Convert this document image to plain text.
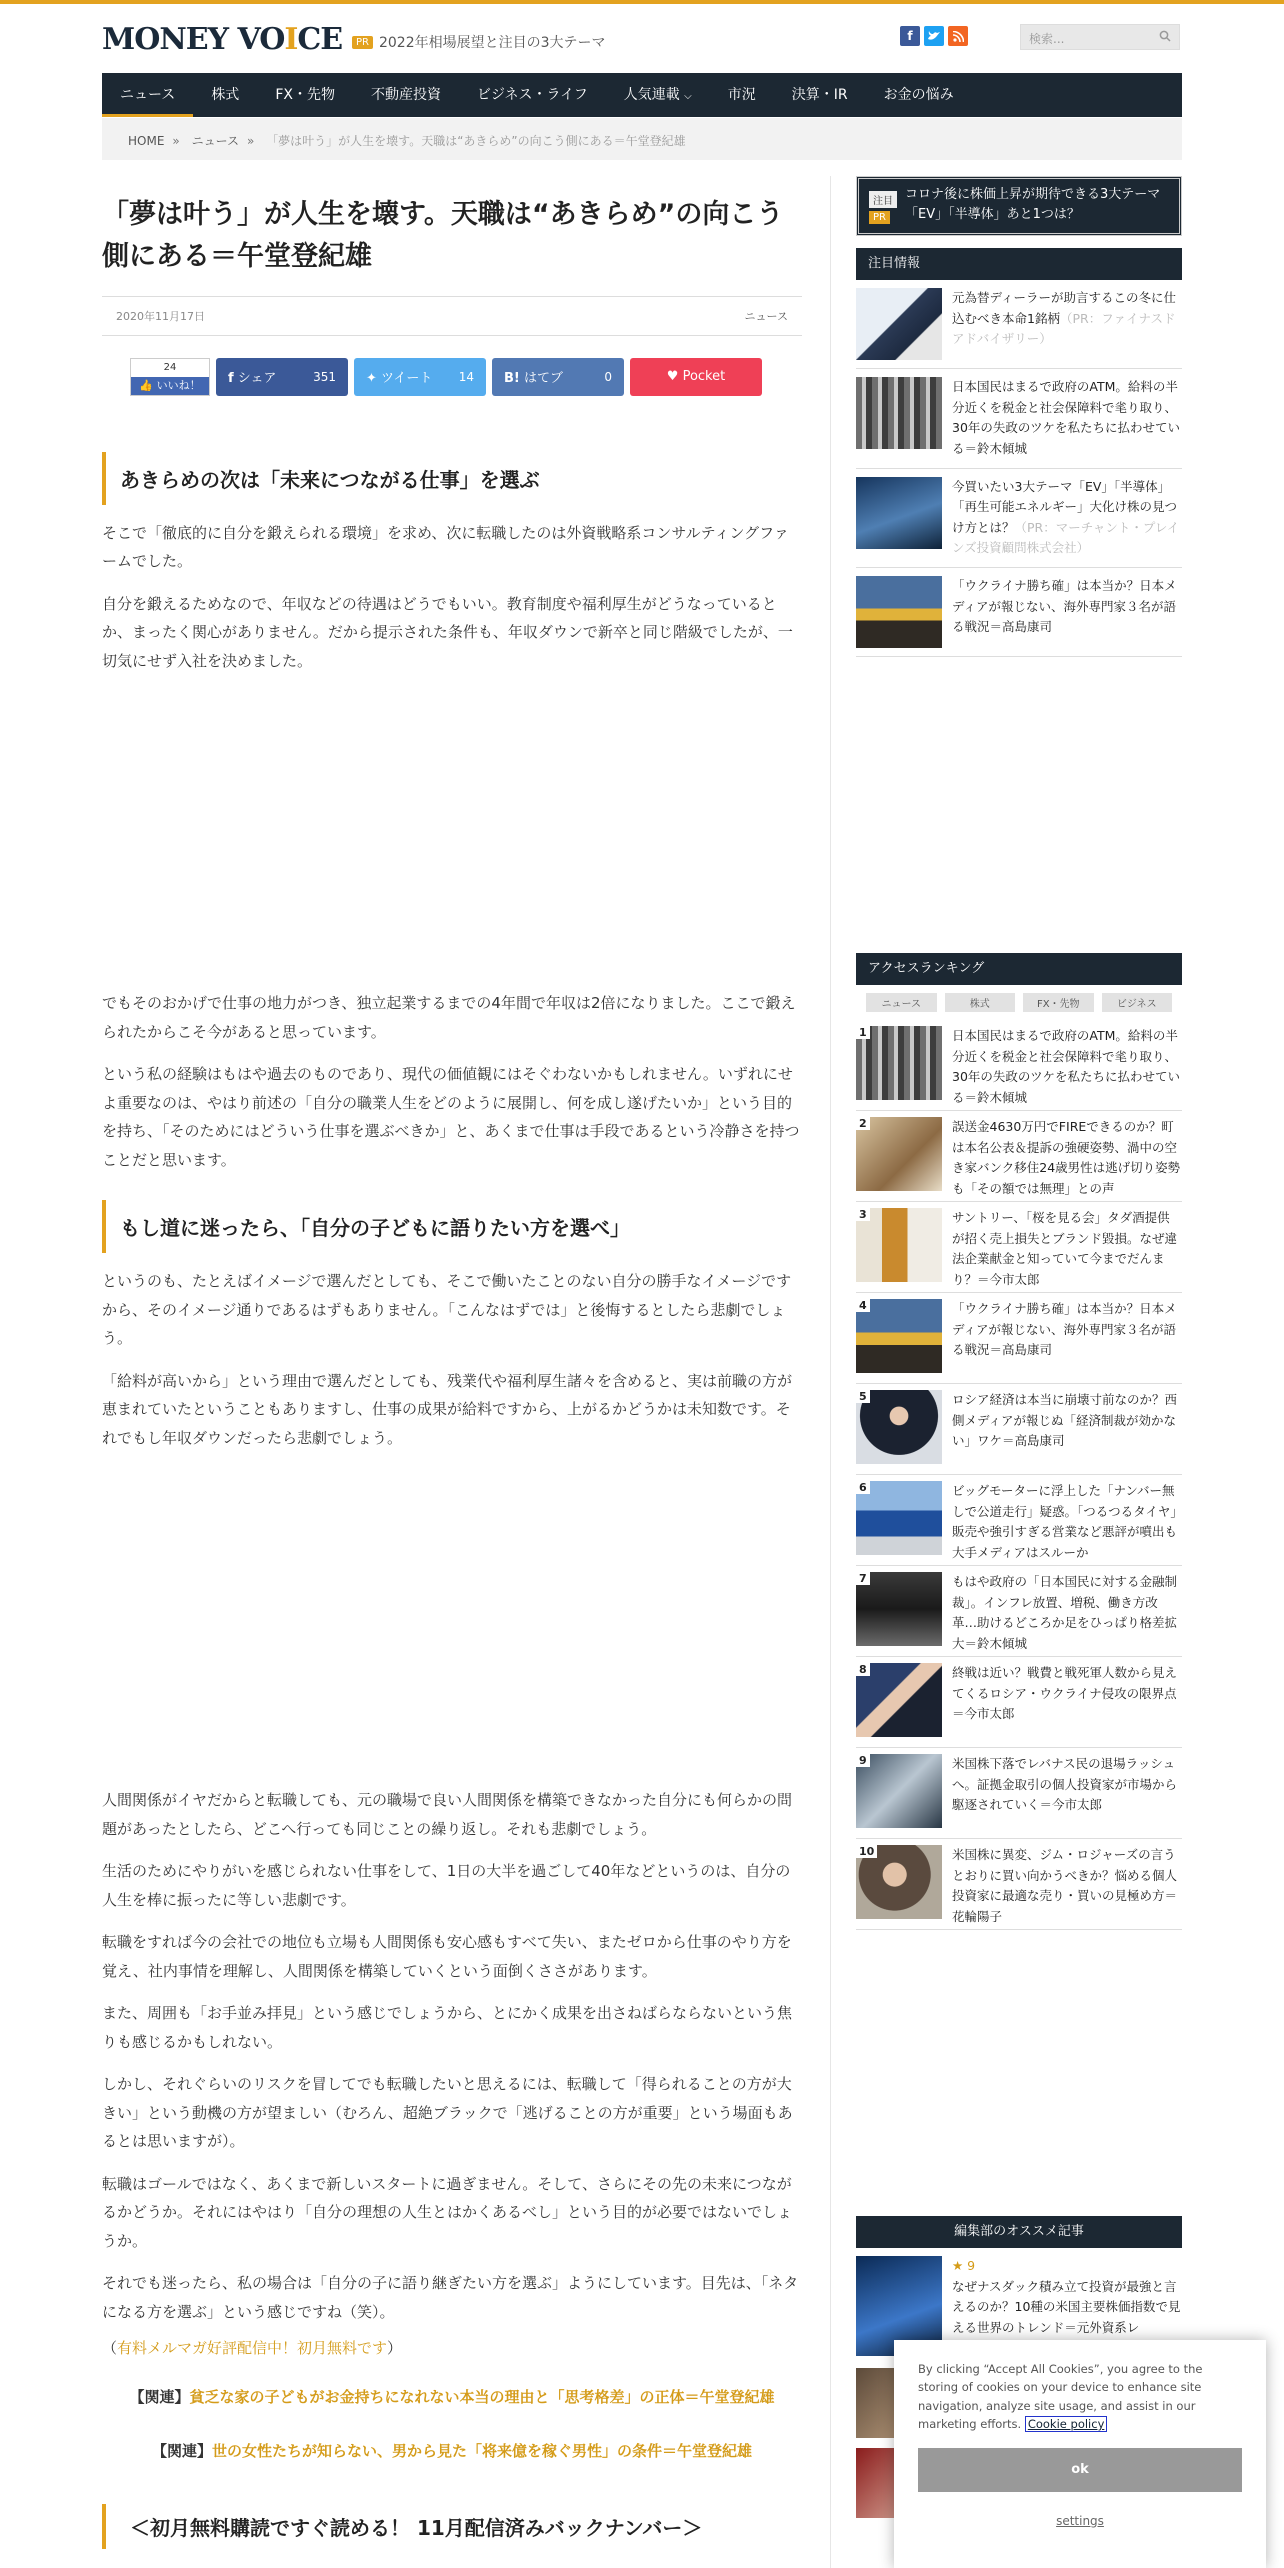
MONEY VOICE	PR 2022年相場展望と注目の3大テーマ	f	検索...
ニュース	株式	FX・先物	不動産投資	ビジネス・ライフ	人気連載 ⌵	市況	決算・IR	お金の悩み
HOME » ニュース » 「夢は叶う」が人生を壊す。天職は“あきらめ”の向こう側にある＝午堂登紀雄
「夢は叶う」が人生を壊す。天職は“あきらめ”の向こう側にある＝午堂登紀雄
2020年11月17日	ニュース
24
👍 いいね！	f シェア	351 ✦ ツイート	14 B! はてブ	0	♥ Pocket
あきらめの次は「未来につながる仕事」を選ぶ

そこで「徹底的に自分を鍛えられる環境」を求め、次に転職したのは外資戦略系コンサルティングファームでした。

自分を鍛えるためなので、年収などの待遇はどうでもいい。教育制度や福利厚生がどうなっているとか、まったく関心がありません。だから提示された条件も、年収ダウンで新卒と同じ階級でしたが、一切気にせず入社を決めました。

でもそのおかげで仕事の地力がつき、独立起業するまでの4年間で年収は2倍になりました。ここで鍛えられたからこそ今があると思っています。

という私の経験はもはや過去のものであり、現代の価値観にはそぐわないかもしれません。いずれにせよ重要なのは、やはり前述の「自分の職業人生をどのように展開し、何を成し遂げたいか」という目的を持ち、「そのためにはどういう仕事を選ぶべきか」と、あくまで仕事は手段であるという冷静さを持つことだと思います。

もし道に迷ったら、「自分の子どもに語りたい方を選べ」

というのも、たとえばイメージで選んだとしても、そこで働いたことのない自分の勝手なイメージですから、そのイメージ通りであるはずもありません。「こんなはずでは」と後悔するとしたら悲劇でしょう。

「給料が高いから」という理由で選んだとしても、残業代や福利厚生諸々を含めると、実は前職の方が恵まれていたということもありますし、仕事の成果が給料ですから、上がるかどうかは未知数です。それでもし年収ダウンだったら悲劇でしょう。

人間関係がイヤだからと転職しても、元の職場で良い人間関係を構築できなかった自分にも何らかの問題があったとしたら、どこへ行っても同じことの繰り返し。それも悲劇でしょう。

生活のためにやりがいを感じられない仕事をして、1日の大半を過ごして40年などというのは、自分の人生を棒に振ったに等しい悲劇です。

転職をすれば今の会社での地位も立場も人間関係も安心感もすべて失い、またゼロから仕事のやり方を覚え、社内事情を理解し、人間関係を構築していくという面倒くささがあります。

また、周囲も「お手並み拝見」という感じでしょうから、とにかく成果を出さねばらならないという焦りも感じるかもしれない。

しかし、それぐらいのリスクを冒してでも転職したいと思えるには、転職して「得られることの方が大きい」という動機の方が望ましい（むろん、超絶ブラックで「逃げることの方が重要」という場面もあるとは思いますが）。

転職はゴールではなく、あくまで新しいスタートに過ぎません。そして、さらにその先の未来につながるかどうか。それにはやはり「自分の理想の人生とはかくあるべし」という目的が必要ではないでしょうか。

それでも迷ったら、私の場合は「自分の子に語り継ぎたい方を選ぶ」ようにしています。目先は、「ネタになる方を選ぶ」という感じですね（笑）。

（有料メルマガ好評配信中！初月無料です）
【関連】貧乏な家の子どもがお金持ちになれない本当の理由と「思考格差」の正体＝午堂登紀雄
【関連】世の女性たちが知らない、男から見た「将来億を稼ぐ男性」の条件＝午堂登紀雄
＜初月無料購読ですぐ読める！ 11月配信済みバックナンバー＞
注目
PR
コロナ後に株価上昇が期待できる3大テーマ「EV」「半導体」あと1つは？
注目情報
元為替ディーラーが助言するこの冬に仕込むべき本命1銘柄（PR：ファイナスドアドバイザリー）
日本国民はまるで政府のATM。給料の半分近くを税金と社会保障料で毟り取り、30年の失政のツケを私たちに払わせている＝鈴木傾城
今買いたい3大テーマ「EV」「半導体」「再生可能エネルギー」大化け株の見つけ方とは？（PR：マーチャント・プレインズ投資顧問株式会社）
「ウクライナ勝ち確」は本当か？日本メディアが報じない、海外専門家３名が語る戦況＝高島康司
アクセスランキング
ニュース	株式	FX・先物	ビジネス
1	日本国民はまるで政府のATM。給料の半分近くを税金と社会保障料で毟り取り、30年の失政のツケを私たちに払わせている＝鈴木傾城
2	誤送金4630万円でFIREできるのか？町は本名公表＆提訴の強硬姿勢、渦中の空き家バンク移住24歳男性は逃げ切り姿勢も「その額では無理」との声
3	サントリー、「桜を見る会」タダ酒提供が招く売上損失とブランド毀損。なぜ違法企業献金と知っていて今までだんまり？＝今市太郎
4	「ウクライナ勝ち確」は本当か？日本メディアが報じない、海外専門家３名が語る戦況＝高島康司
5	ロシア経済は本当に崩壊寸前なのか？西側メディアが報じぬ「経済制裁が効かない」ワケ＝高島康司
6	ビッグモーターに浮上した「ナンバー無しで公道走行」疑惑。「つるつるタイヤ」販売や強引すぎる営業など悪評が噴出も大手メディアはスルーか
7	もはや政府の「日本国民に対する金融制裁」。インフレ放置、増税、働き方改革…助けるどころか足をひっぱり格差拡大＝鈴木傾城
8	終戦は近い？戦費と戦死軍人数から見えてくるロシア・ウクライナ侵攻の限界点＝今市太郎
9	米国株下落でレバナス民の退場ラッシュへ。証拠金取引の個人投資家が市場から駆逐されていく＝今市太郎
10	米国株に異変、ジム・ロジャーズの言うとおりに買い向かうべきか？悩める個人投資家に最適な売り・買いの見極め方＝花輪陽子
編集部のオススメ記事
★ 9
なぜナスダック積み立て投資が最強と言えるのか？10種の米国主要株価指数で見える世界のトレンド＝元外資系レ
By clicking “Accept All Cookies”, you agree to the storing of cookies on your device to enhance site navigation, analyze site usage, and assist in our marketing efforts. Cookie policy
ok
settings
